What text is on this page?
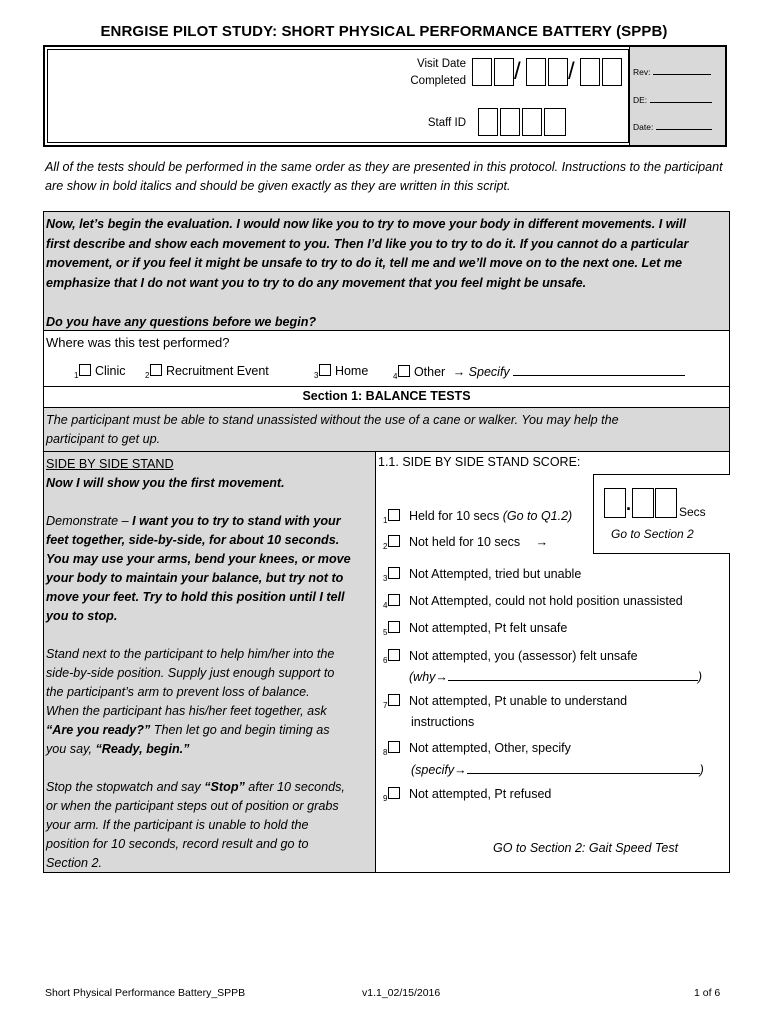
ENRGISE PILOT STUDY: SHORT PHYSICAL PERFORMANCE BATTERY (SPPB)
Visit Date
Completed / /
Staff ID
Rev:
DE:
Date:
All of the tests should be performed in the same order as they are presented in this protocol. Instructions to the participant are show in bold italics and should be given exactly as they are written in this script.
Now, let’s begin the evaluation. I would now like you to try to move your body in different movements. I will
first describe and show each movement to you. Then I’d like you to try to do it. If you cannot do a particular
movement, or if you feel it might be unsafe to try to do it, tell me and we’ll move on to the next one. Let me
emphasize that I do not want you to try to do any movement that you feel might be unsafe.
Do you have any questions before we begin?
Where was this test performed?
$_1$ Clinic $_2$ Recruitment Event	$_3$ Home	$_4$ Other → Specify
Section 1: BALANCE TESTS
The participant must be able to stand unassisted without the use of a cane or walker. You may help the
participant to get up.
SIDE BY SIDE STAND
Now I will show you the first movement.
Demonstrate – I want you to try to stand with your
feet together, side-by-side, for about 10 seconds.
You may use your arms, bend your knees, or move
your body to maintain your balance, but try not to
move your feet. Try to hold this position until I tell
you to stop.
Stand next to the participant to help him/her into the
side-by-side position. Supply just enough support to
the participant’s arm to prevent loss of balance.
When the participant has his/her feet together, ask
“Are you ready?” Then let go and begin timing as
you say, “Ready, begin.”
Stop the stopwatch and say “Stop” after 10 seconds,
or when the participant steps out of position or grabs
your arm. If the participant is unable to hold the
position for 10 seconds, record result and go to
Section 2.
1.1. SIDE BY SIDE STAND SCORE:
.	Secs
Go to Section 2
$_1$ Held for 10 secs (Go to Q1.2)
$_2$ Not held for 10 secs →
$_3$ Not Attempted, tried but unable
$_4$ Not Attempted, could not hold position unassisted
$_5$ Not attempted, Pt felt unsafe
$_6$ Not attempted, you (assessor) felt unsafe
(why→	)
$_7$ Not attempted, Pt unable to understand
instructions
$_8$ Not attempted, Other, specify
(specify→	)
$_9$ Not attempted, Pt refused
GO to Section 2: Gait Speed Test
Short Physical Performance Battery_SPPB	v1.1_02/15/2016	1 of 6
